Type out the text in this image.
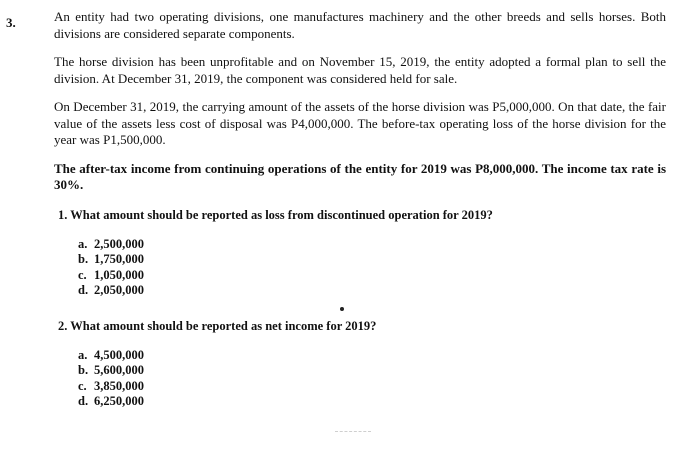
3.	An entity had two operating divisions, one manufactures machinery and the other breeds and sells horses. Both divisions are considered separate components.

The horse division has been unprofitable and on November 15, 2019, the entity adopted a formal plan to sell the division. At December 31, 2019, the component was considered held for sale.

On December 31, 2019, the carrying amount of the assets of the horse division was P5,000,000. On that date, the fair value of the assets less cost of disposal was P4,000,000. The before-tax operating loss of the horse division for the year was P1,500,000.

The after-tax income from continuing operations of the entity for 2019 was P8,000,000. The income tax rate is 30%.

1. What amount should be reported as loss from discontinued operation for 2019?
a. 2,500,000
b. 1,750,000
c. 1,050,000
d. 2,050,000
2. What amount should be reported as net income for 2019?
a. 4,500,000
b. 5,600,000
c. 3,850,000
d. 6,250,000
